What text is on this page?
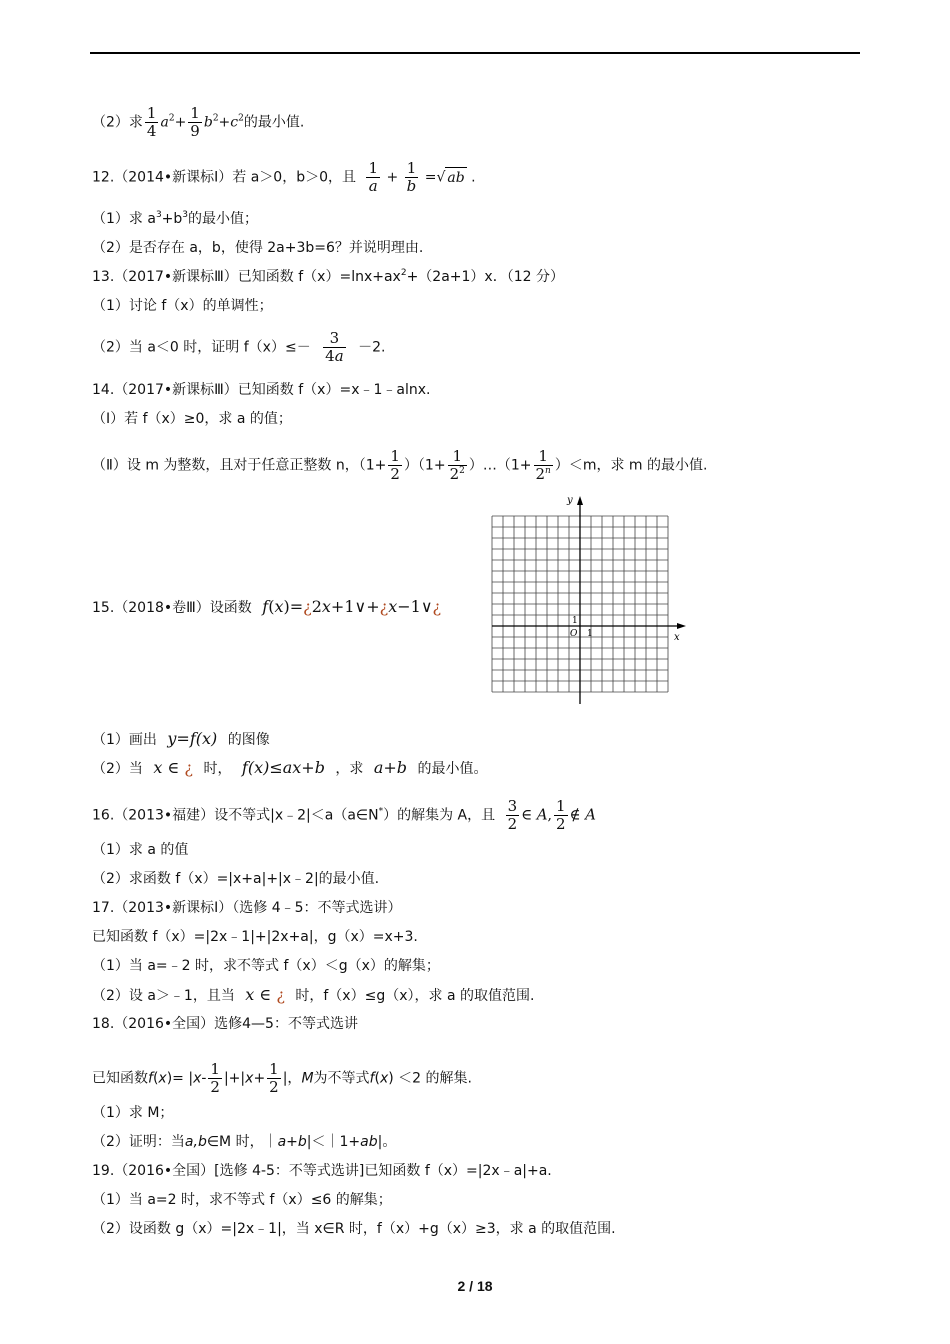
（2）求 $\frac{1}{4} a^2+ \frac{1}{9} b^2+c^2$的最小值.
12.（2014•新课标Ⅰ）若 a＞0，b＞0，且 $\frac{1}{a} + \frac{1}{b}$ =√ ab .
（1）求 $a^3+b^3$的最小值；
（2）是否存在 a，b，使得 2a+3b=6？并说明理由.
13.（2017•新课标Ⅲ）已知函数 $f(x)=\ln x+ax^2+(2a+1)x$．（12 分）
（1）讨论 f（x）的单调性；
（2）当 a＜0 时，证明 $f(x)\le- \frac{3}{4a} -2$.
14.（2017•新课标Ⅲ）已知函数 f（x）=x﹣1﹣alnx.
（Ⅰ）若 f（x）≥0，求 a 的值；
（Ⅱ）设 m 为整数，且对于任意正整数 n，$(1+ \frac{1}{2} )(1+ \frac{1}{2^2}$ ）…（1+ $\frac{1}{2^n} )<m$，求 m 的最小值.
15.（2018•卷Ⅲ）设函数 f(x)=¿2x+1∨+¿x−1∨¿
y
x
O 1
1
（1）画出 y=f(x) 的图像
（2）当 x ∈ ¿ 时， f(x)≤ax+b ，求 a+b 的最小值。
16.（2013•福建）设不等式|x﹣2|＜a（a∈N*）的解集为 A，且 $\frac{3}{2}$ ∈ A, $\frac{1}{2}$ ∉ A
（1）求 a 的值
（2）求函数 f（x）=|x+a|+|x﹣2|的最小值.
17.（2013•新课标Ⅰ）（选修 4﹣5：不等式选讲）
已知函数 f（x）=|2x﹣1|+|2x+a|，g（x）=x+3.
（1）当 a=﹣2 时，求不等式 f（x）＜g（x）的解集；
（2）设 a＞﹣1，且当 x ∈ ¿ 时，f（x）≤g（x），求 a 的取值范围.
18.（2016•全国）选修4—5：不等式选讲
已知函数$f(x)= |x- \frac{1}{2} |+|x+ \frac{1}{2}$ |，M为不等式f(x) ＜2 的解集.
（1）求 M；
（2）证明：当a,b∈M 时，｜a+b|＜｜1+ab|。
19.（2016•全国）[选修 4-5：不等式选讲]已知函数 f（x）=|2x﹣a|+a.
（1）当 a=2 时，求不等式 f（x）≤6 的解集；
（2）设函数 g（x）=|2x﹣1|，当 x∈R 时，f（x）+g（x）≥3，求 a 的取值范围.
2 / 18
